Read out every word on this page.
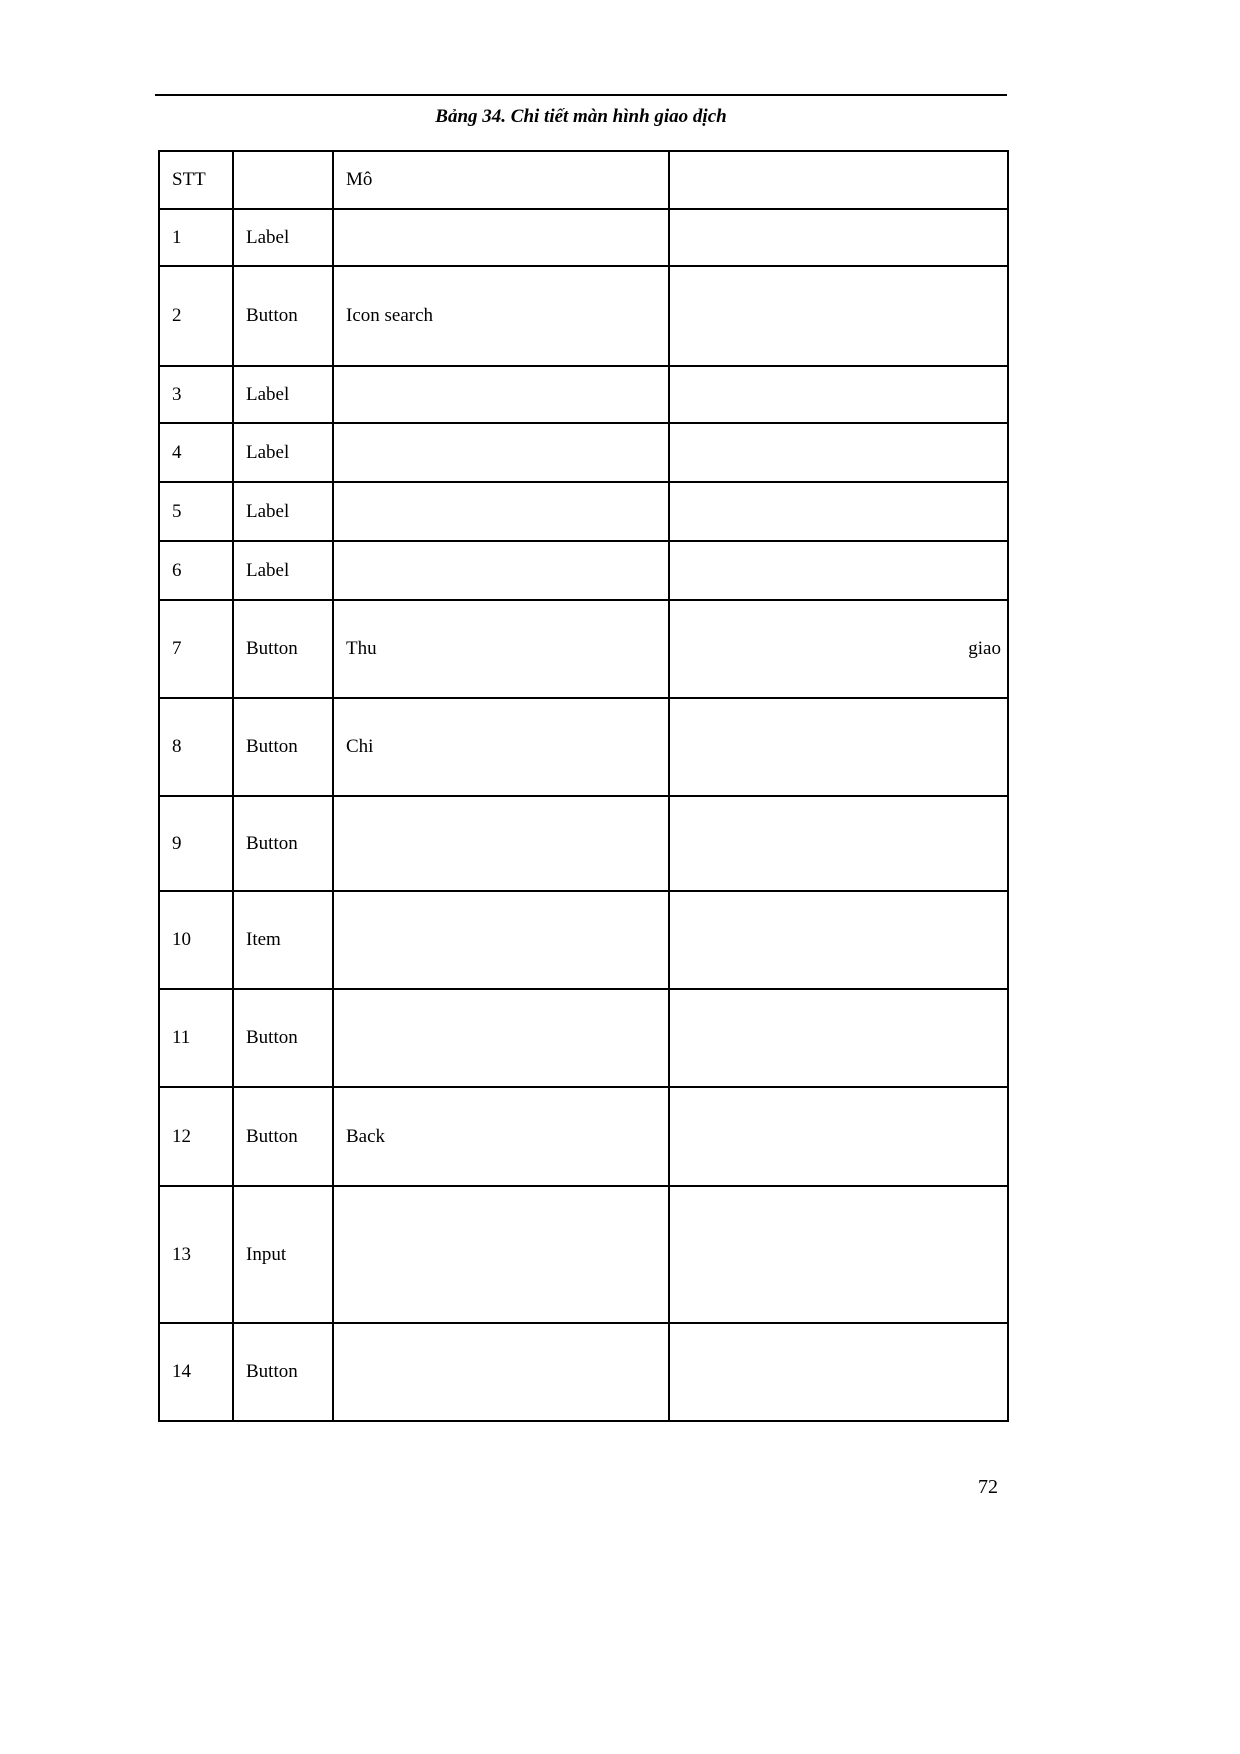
Bảng 34. Chi tiết màn hình giao dịch
STT		Mô	
1	Label		
2	Button	Icon search	
3	Label		
4	Label		
5	Label		
6	Label		
7	Button	Thu	giao
8	Button	Chi	
9	Button		
10	Item		
11	Button		
12	Button	Back	
13	Input		
14	Button		
72
